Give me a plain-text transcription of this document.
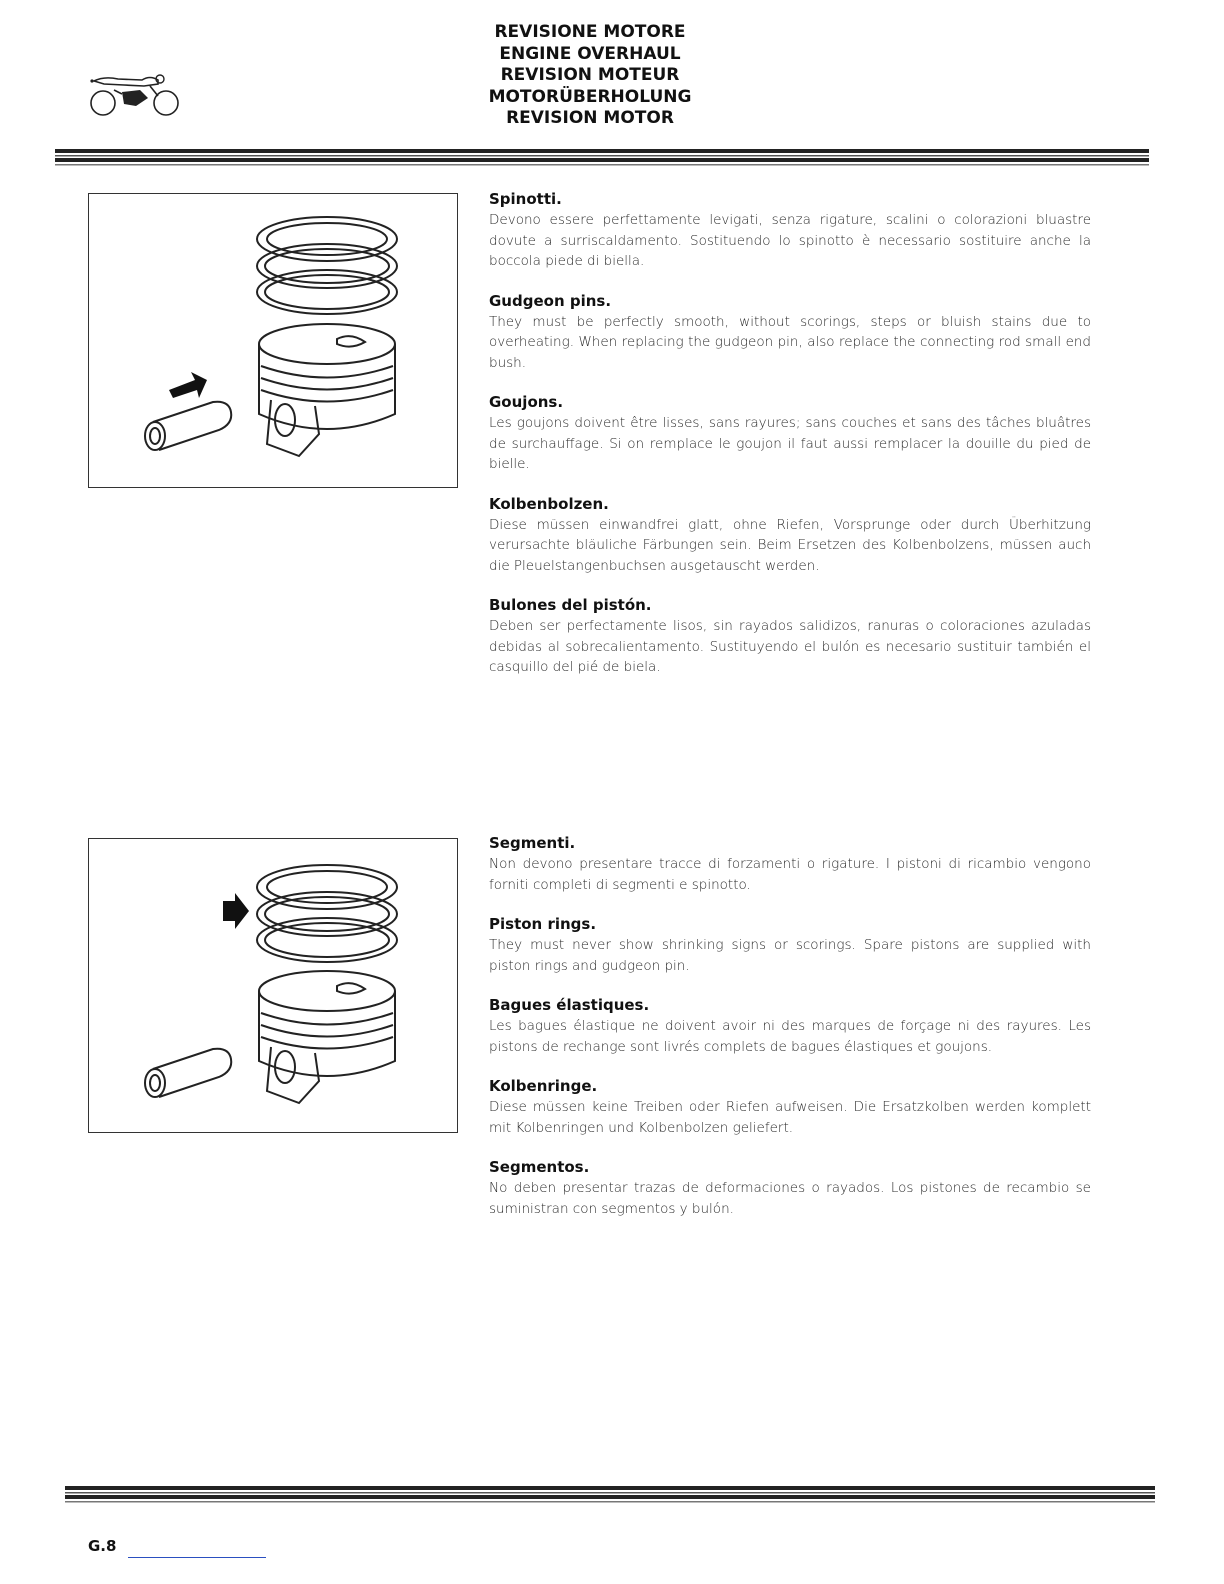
REVISIONE MOTORE
ENGINE OVERHAUL
REVISION MOTEUR
MOTORÜBERHOLUNG
REVISION MOTOR
Spinotti.

Devono essere perfettamente levigati, senza rigature, scalini o colorazioni bluastre dovute a surriscaldamento. Sostituendo lo spinotto è necessario sostituire anche la boccola piede di biella.

Gudgeon pins.

They must be perfectly smooth, without scorings, steps or bluish stains due to overheating. When replacing the gudgeon pin, also replace the connecting rod small end bush.

Goujons.

Les goujons doivent être lisses, sans rayures; sans couches et sans des tâches bluâtres de surchauffage. Si on remplace le goujon il faut aussi remplacer la douille du pied de bielle.

Kolbenbolzen.

Diese müssen einwandfrei glatt, ohne Riefen, Vorsprunge oder durch Überhitzung verursachte bläuliche Färbungen sein. Beim Ersetzen des Kolbenbolzens, müssen auch die Pleuelstangenbuchsen ausgetauscht werden.

Bulones del pistón.

Deben ser perfectamente lisos, sin rayados salidizos, ranuras o coloraciones azuladas debidas al sobrecalientamento. Sustituyendo el bulón es necesario sustituir también el casquillo del pié de biela.

Segmenti.

Non devono presentare tracce di forzamenti o rigature. I pistoni di ricambio vengono forniti completi di segmenti e spinotto.

Piston rings.

They must never show shrinking signs or scorings. Spare pistons are supplied with piston rings and gudgeon pin.

Bagues élastiques.

Les bagues élastique ne doivent avoir ni des marques de forçage ni des rayures. Les pistons de rechange sont livrés complets de bagues élastiques et goujons.

Kolbenringe.

Diese müssen keine Treiben oder Riefen aufweisen. Die Ersatzkolben werden komplett mit Kolbenringen und Kolbenbolzen geliefert.

Segmentos.

No deben presentar trazas de deformaciones o rayados. Los pistones de recambio se suministran con segmentos y bulón.

G.8
